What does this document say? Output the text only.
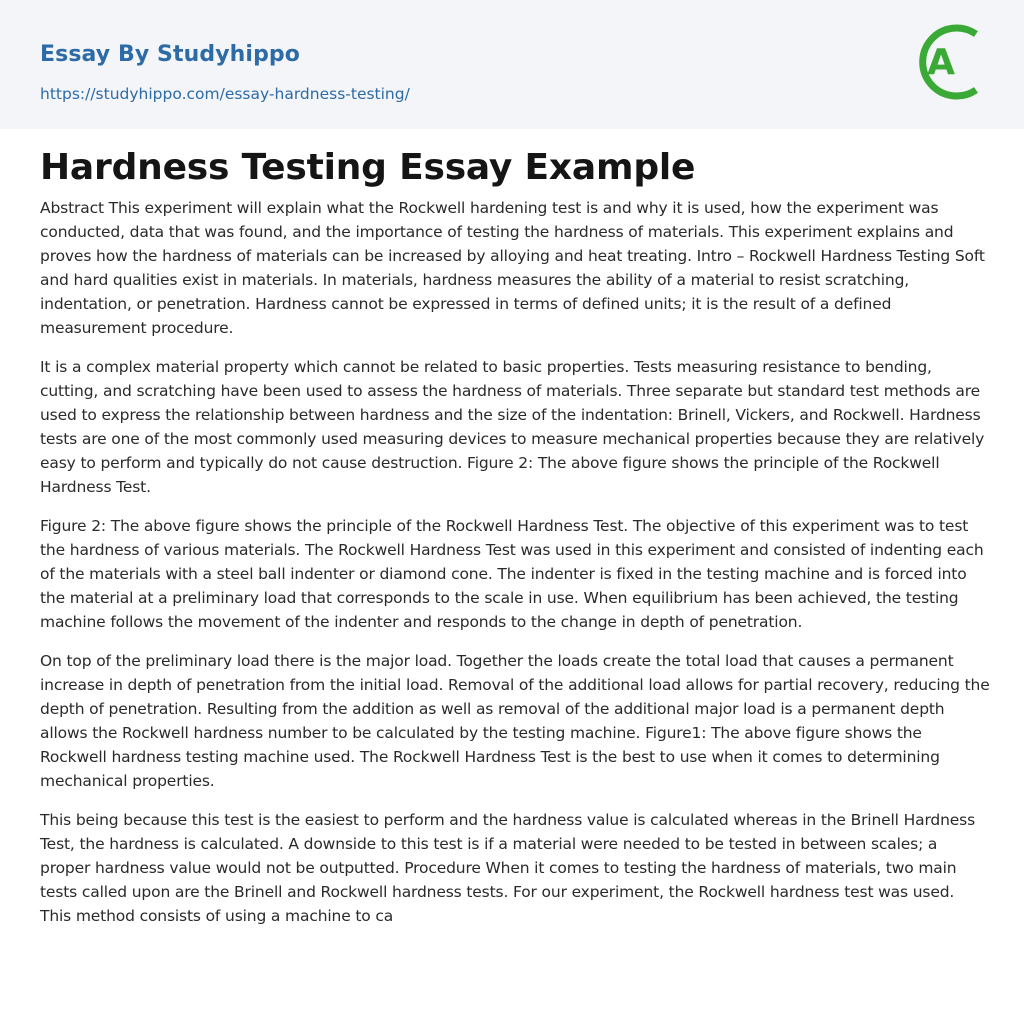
Essay By Studyhippo
https://studyhippo.com/essay-hardness-testing/
A
Hardness Testing Essay Example

Abstract This experiment will explain what the Rockwell hardening test is and why it is used, how the experiment was conducted, data that was found, and the importance of testing the hardness of materials. This experiment explains and proves how the hardness of materials can be increased by alloying and heat treating. Intro – Rockwell Hardness Testing Soft and hard qualities exist in materials. In materials, hardness measures the ability of a material to resist scratching, indentation, or penetration. Hardness cannot be expressed in terms of defined units; it is the result of a defined measurement procedure.

It is a complex material property which cannot be related to basic properties. Tests measuring resistance to bending, cutting, and scratching have been used to assess the hardness of materials. Three separate but standard test methods are used to express the relationship between hardness and the size of the indentation: Brinell, Vickers, and Rockwell. Hardness tests are one of the most commonly used measuring devices to measure mechanical properties because they are relatively easy to perform and typically do not cause destruction. Figure 2: The above figure shows the principle of the Rockwell Hardness Test.

Figure 2: The above figure shows the principle of the Rockwell Hardness Test. The objective of this experiment was to test the hardness of various materials. The Rockwell Hardness Test was used in this experiment and consisted of indenting each of the materials with a steel ball indenter or diamond cone. The indenter is fixed in the testing machine and is forced into the material at a preliminary load that corresponds to the scale in use. When equilibrium has been achieved, the testing machine follows the movement of the indenter and responds to the change in depth of penetration.

On top of the preliminary load there is the major load. Together the loads create the total load that causes a permanent increase in depth of penetration from the initial load. Removal of the additional load allows for partial recovery, reducing the depth of penetration. Resulting from the addition as well as removal of the additional major load is a permanent depth allows the Rockwell hardness number to be calculated by the testing machine. Figure1: The above figure shows the Rockwell hardness testing machine used. The Rockwell Hardness Test is the best to use when it comes to determining mechanical properties.

This being because this test is the easiest to perform and the hardness value is calculated whereas in the Brinell Hardness Test, the hardness is calculated. A downside to this test is if a material were needed to be tested in between scales; a proper hardness value would not be outputted. Procedure When it comes to testing the hardness of materials, two main tests called upon are the Brinell and Rockwell hardness tests. For our experiment, the Rockwell hardness test was used. This method consists of using a machine to ca
